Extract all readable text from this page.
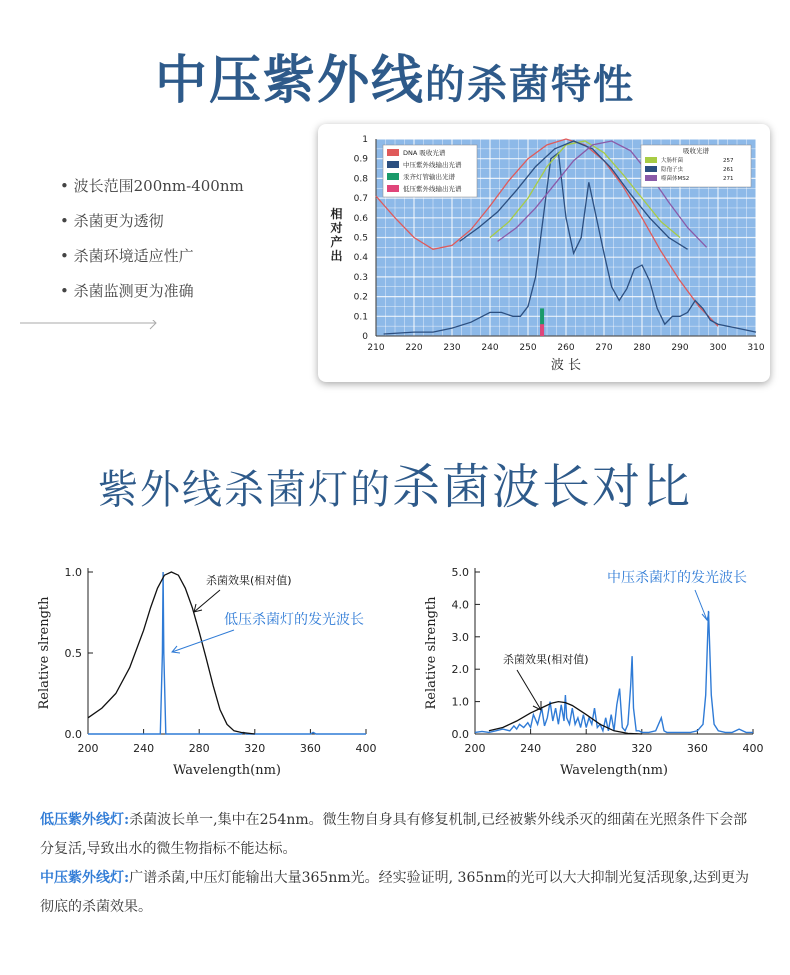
中压紫外线的杀菌特性
• 波长范围200nm-400nm
• 杀菌更为透彻
• 杀菌环境适应性广
• 杀菌监测更为准确
210 220 230 240 250 260 270 280 290 300 310
0
0.1
0.2
0.3
0.4
0.5
0.6
0.7
0.8
0.9
1
波 长
相对产出
DNA 吸收光谱
中压紫外线输出光谱
汞齐灯管输出光谱
低压紫外线输出光谱
吸收光谱
大肠杆菌	257
隐孢子虫	261
噬菌体MS2	271
紫外线杀菌灯的杀菌波长对比
200	240	280	320	360	400
0.0
0.5
1.0
Wavelength(nm)
Relative slrength
杀菌效果(相对值)
低压杀菌灯的发光波长
200	240	280	320	360	400
0.0
1.0
2.0
3.0
4.0
5.0
Wavelength(nm)
Relative slrength	杀菌效果(相对值)
中压杀菌灯的发光波长
低压紫外线灯:杀菌波长单一,集中在254nm。微生物自身具有修复机制,已经被紫外线杀灭的细菌在光照条件下会部分复活,导致出水的微生物指标不能达标。
中压紫外线灯:广谱杀菌,中压灯能输出大量365nm光。经实验证明, 365nm的光可以大大抑制光复活现象,达到更为彻底的杀菌效果。
